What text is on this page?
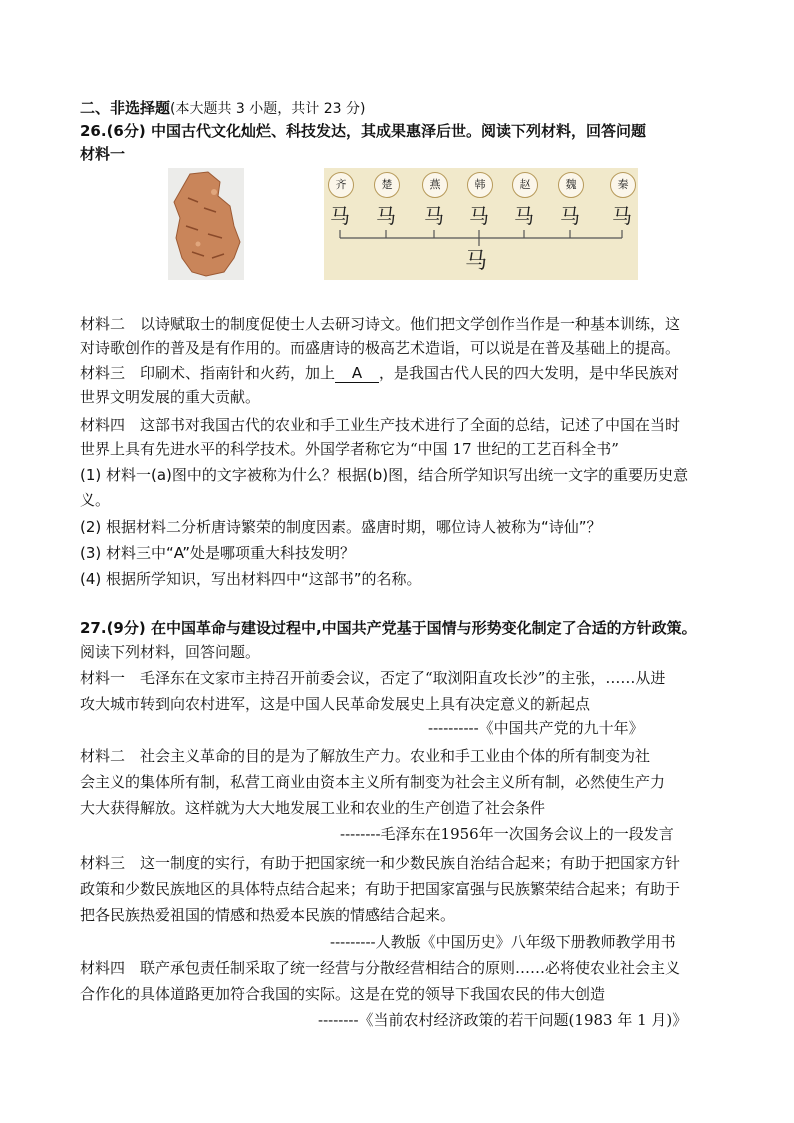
二、非选择题(本大题共 3 小题，共计 23 分)
26.(6分) 中国古代文化灿烂、科技发达，其成果惠泽后世。阅读下列材料，回答问题
材料一
齐	楚	燕	韩	赵	魏	秦
马 马 马 马 马 马 马
马
材料二　以诗赋取士的制度促使士人去研习诗文。他们把文学创作当作是一种基本训练，这
对诗歌创作的普及是有作用的。而盛唐诗的极高艺术造诣，可以说是在普及基础上的提高。
材料三　印刷术、指南针和火药，加上 A ，是我国古代人民的四大发明，是中华民族对
世界文明发展的重大贡献。
材料四　这部书对我国古代的农业和手工业生产技术进行了全面的总结，记述了中国在当时
世界上具有先进水平的科学技术。外国学者称它为“中国 17 世纪的工艺百科全书”
(1) 材料一(a)图中的文字被称为什么？根据(b)图，结合所学知识写出统一文字的重要历史意
义。
(2) 根据材料二分析唐诗繁荣的制度因素。盛唐时期，哪位诗人被称为“诗仙”？
(3) 材料三中“A”处是哪项重大科技发明？
(4) 根据所学知识，写出材料四中“这部书”的名称。
27.(9分) 在中国革命与建设过程中,中国共产党基于国情与形势变化制定了合适的方针政策。
阅读下列材料，回答问题。
材料一　毛泽东在文家市主持召开前委会议，否定了“取浏阳直攻长沙”的主张，……从进
攻大城市转到向农村进军，这是中国人民革命发展史上具有决定意义的新起点
----------《中国共产党的九十年》
材料二　社会主义革命的目的是为了解放生产力。农业和手工业由个体的所有制变为社
会主义的集体所有制，私营工商业由资本主义所有制变为社会主义所有制，必然使生产力
大大获得解放。这样就为大大地发展工业和农业的生产创造了社会条件
--------毛泽东在1956年一次国务会议上的一段发言
材料三　这一制度的实行，有助于把国家统一和少数民族自治结合起来；有助于把国家方针
政策和少数民族地区的具体特点结合起来；有助于把国家富强与民族繁荣结合起来；有助于
把各民族热爱祖国的情感和热爱本民族的情感结合起来。
---------人教版《中国历史》八年级下册教师教学用书
材料四　联产承包责任制采取了统一经营与分散经营相结合的原则……必将使农业社会主义
合作化的具体道路更加符合我国的实际。这是在党的领导下我国农民的伟大创造
--------《当前农村经济政策的若干问题(1983 年 1 月)》
